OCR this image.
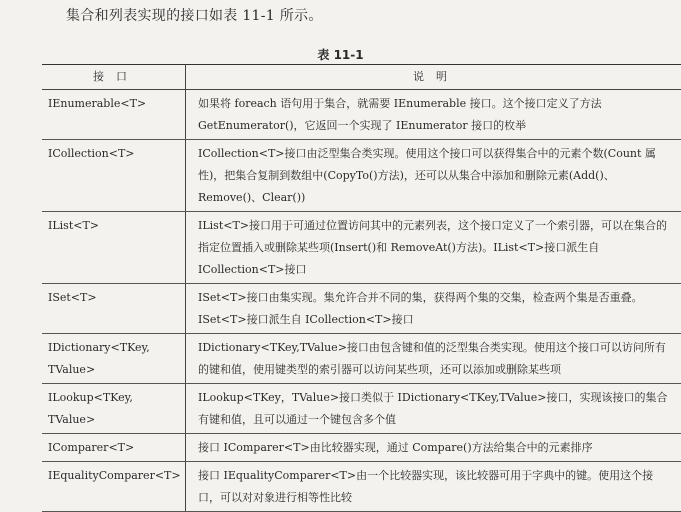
集合和列表实现的接口如表 11-1 所示。
表 11-1
接口	说明
IEnumerable<T>	如果将 foreach 语句用于集合，就需要 IEnumerable 接口。这个接口定义了方法 GetEnumerator()，它返回一个实现了 IEnumerator 接口的枚举
ICollection<T>	ICollection<T>接口由泛型集合类实现。使用这个接口可以获得集合中的元素个数(Count 属性)，把集合复制到数组中(CopyTo()方法)，还可以从集合中添加和删除元素(Add()、Remove()、Clear())
IList<T>	IList<T>接口用于可通过位置访问其中的元素列表，这个接口定义了一个索引器，可以在集合的指定位置插入或删除某些项(Insert()和 RemoveAt()方法)。IList<T>接口派生自 ICollection<T>接口
ISet<T>	ISet<T>接口由集实现。集允许合并不同的集，获得两个集的交集，检查两个集是否重叠。ISet<T>接口派生自 ICollection<T>接口
IDictionary<TKey, TValue>	IDictionary<TKey,TValue>接口由包含键和值的泛型集合类实现。使用这个接口可以访问所有的键和值，使用键类型的索引器可以访问某些项，还可以添加或删除某些项
ILookup<TKey, TValue>	ILookup<TKey，TValue>接口类似于 IDictionary<TKey,TValue>接口，实现该接口的集合有键和值，且可以通过一个键包含多个值
IComparer<T>	接口 IComparer<T>由比较器实现，通过 Compare()方法给集合中的元素排序
IEqualityComparer<T>	接口 IEqualityComparer<T>由一个比较器实现，该比较器可用于字典中的键。使用这个接口，可以对对象进行相等性比较
